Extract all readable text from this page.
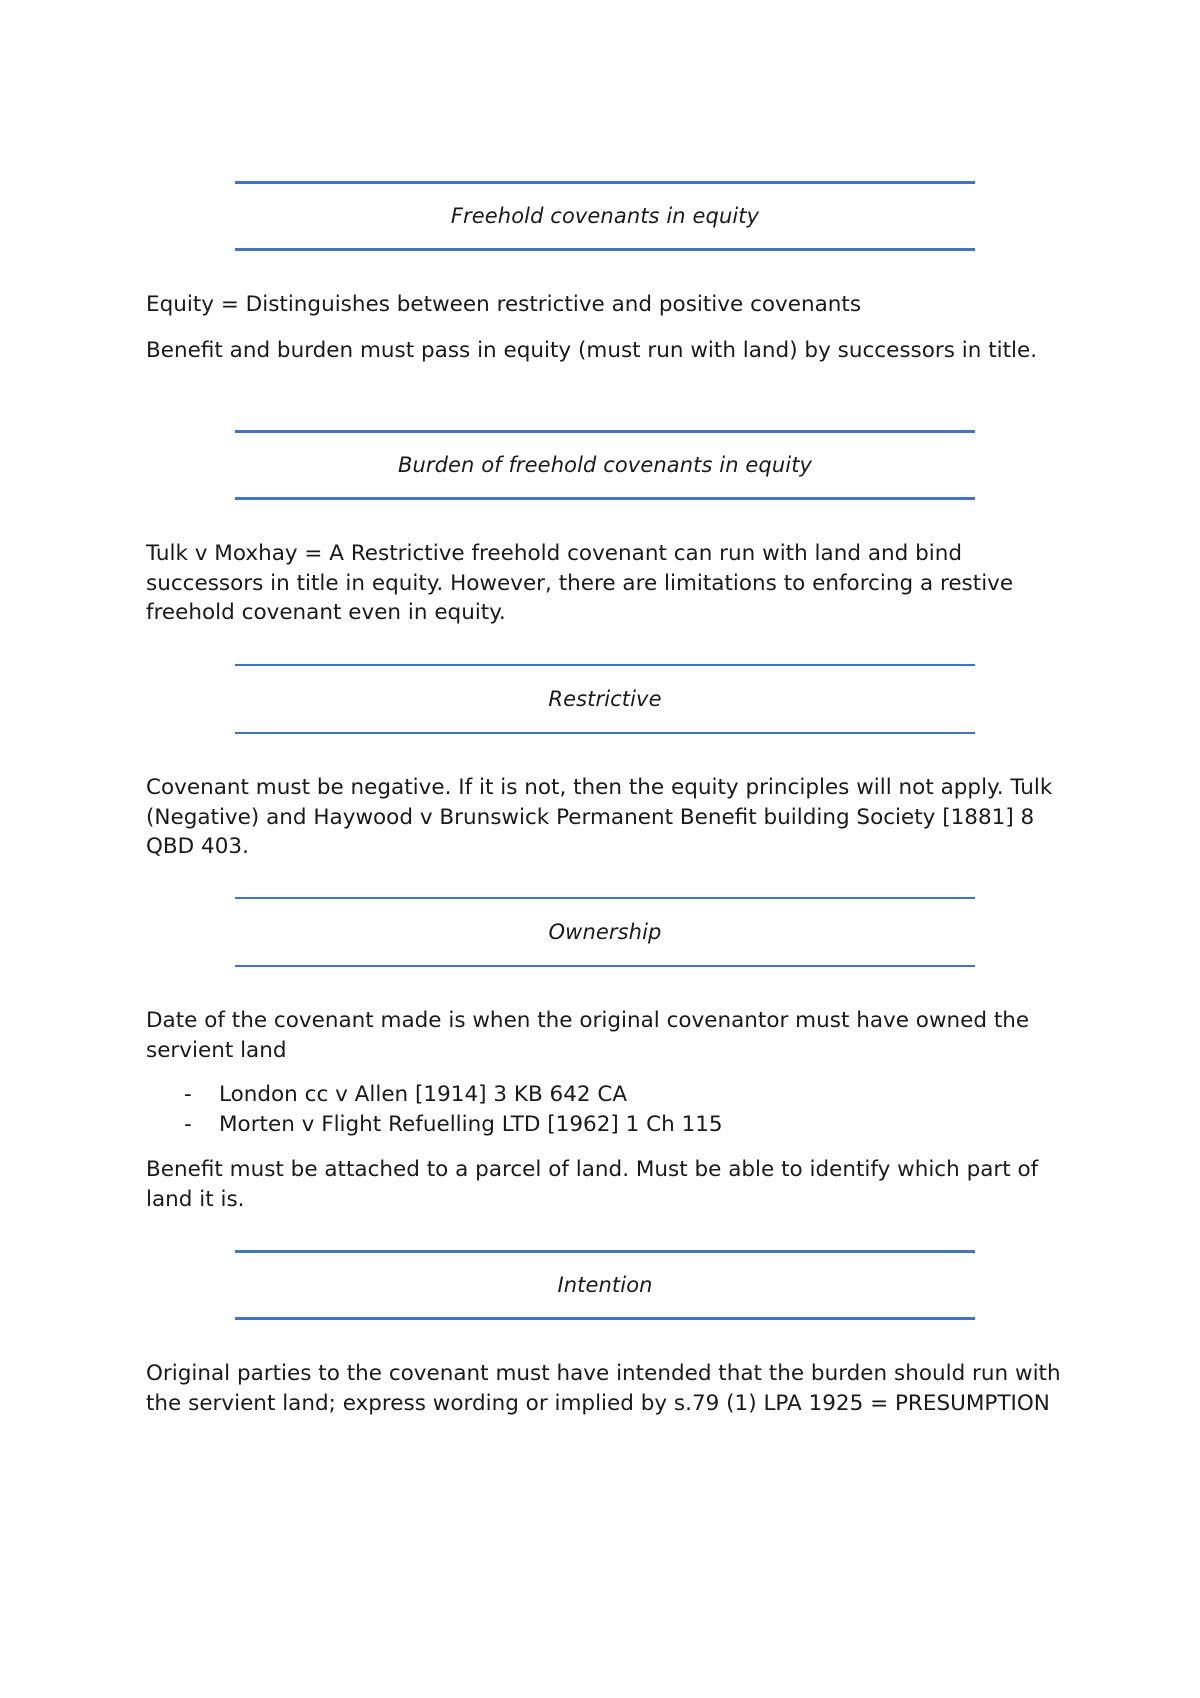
Freehold covenants in equity

Equity = Distinguishes between restrictive and positive covenants

Benefit and burden must pass in equity (must run with land) by successors in title.

Burden of freehold covenants in equity

Tulk v Moxhay = A Restrictive freehold covenant can run with land and bind successors in title in equity. However, there are limitations to enforcing a restive freehold covenant even in equity.

Restrictive

Covenant must be negative. If it is not, then the equity principles will not apply. Tulk (Negative) and Haywood v Brunswick Permanent Benefit building Society [1881] 8 QBD 403.

Ownership

Date of the covenant made is when the original covenantor must have owned the servient land

- London cc v Allen [1914] 3 KB 642 CA
- Morten v Flight Refuelling LTD [1962] 1 Ch 115

Benefit must be attached to a parcel of land. Must be able to identify which part of land it is.

Intention

Original parties to the covenant must have intended that the burden should run with the servient land; express wording or implied by s.79 (1) LPA 1925 = PRESUMPTION
